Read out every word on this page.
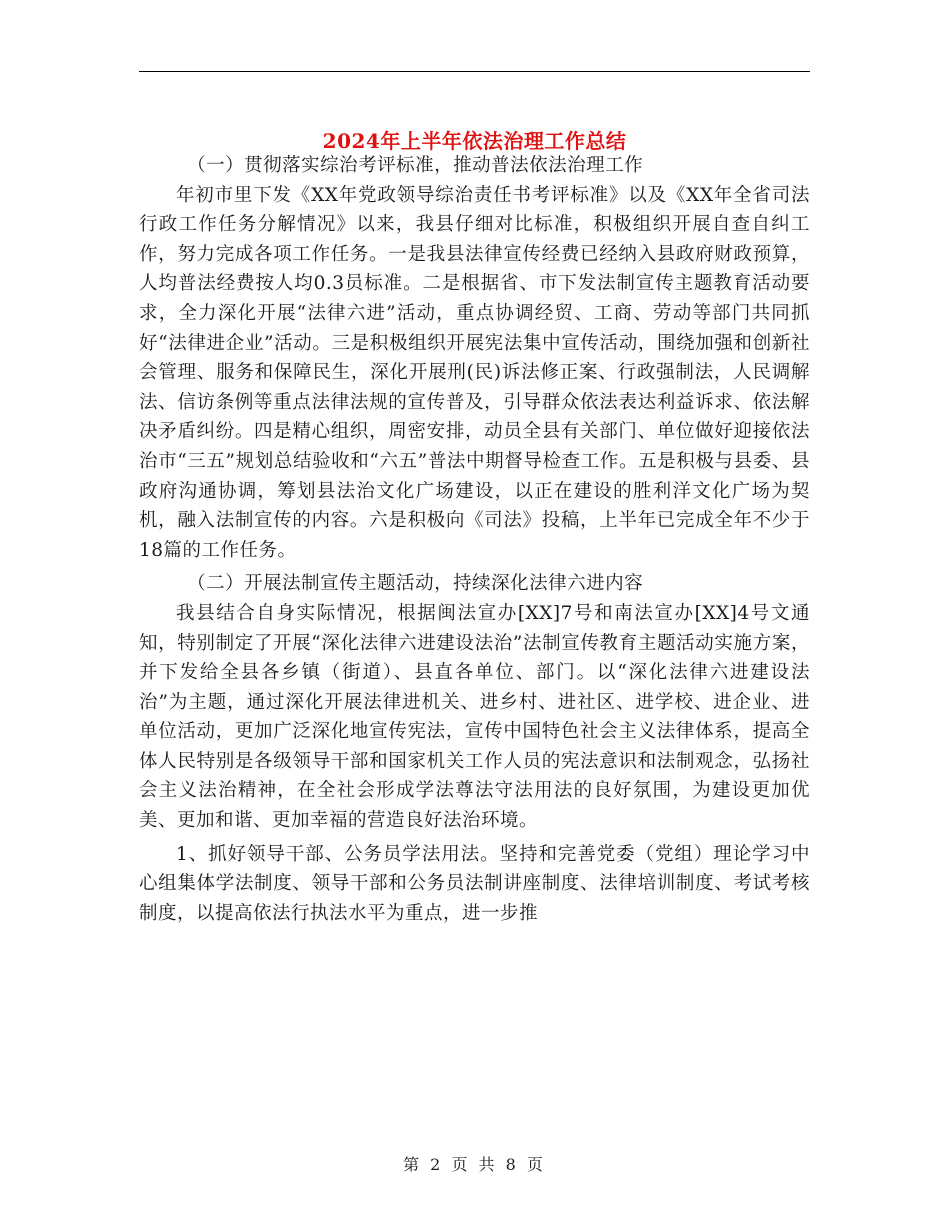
2024年上半年依法治理工作总结

（一）贯彻落实综治考评标准，推动普法依法治理工作

年初市里下发《XX年党政领导综治责任书考评标准》以及《XX年全省司法行政工作任务分解情况》以来，我县仔细对比标准，积极组织开展自查自纠工作，努力完成各项工作任务。一是我县法律宣传经费已经纳入县政府财政预算，人均普法经费按人均0.3员标准。二是根据省、市下发法制宣传主题教育活动要求，全力深化开展“法律六进”活动，重点协调经贸、工商、劳动等部门共同抓好“法律进企业”活动。三是积极组织开展宪法集中宣传活动，围绕加强和创新社会管理、服务和保障民生，深化开展刑(民)诉法修正案、行政强制法，人民调解法、信访条例等重点法律法规的宣传普及，引导群众依法表达利益诉求、依法解决矛盾纠纷。四是精心组织，周密安排，动员全县有关部门、单位做好迎接依法治市“三五”规划总结验收和“六五”普法中期督导检查工作。五是积极与县委、县政府沟通协调，筹划县法治文化广场建设，以正在建设的胜利洋文化广场为契机，融入法制宣传的内容。六是积极向《司法》投稿，上半年已完成全年不少于18篇的工作任务。

（二）开展法制宣传主题活动，持续深化法律六进内容

我县结合自身实际情况，根据闽法宣办[XX]7号和南法宣办[XX]4号文通知，特别制定了开展“深化法律六进建设法治”法制宣传教育主题活动实施方案，并下发给全县各乡镇（街道）、县直各单位、部门。以“深化法律六进建设法治”为主题，通过深化开展法律进机关、进乡村、进社区、进学校、进企业、进单位活动，更加广泛深化地宣传宪法，宣传中国特色社会主义法律体系，提高全体人民特别是各级领导干部和国家机关工作人员的宪法意识和法制观念，弘扬社会主义法治精神，在全社会形成学法尊法守法用法的良好氛围，为建设更加优美、更加和谐、更加幸福的营造良好法治环境。

1、抓好领导干部、公务员学法用法。坚持和完善党委（党组）理论学习中心组集体学法制度、领导干部和公务员法制讲座制度、法律培训制度、考试考核制度，以提高依法行执法水平为重点，进一步推

第 2 页 共 8 页
